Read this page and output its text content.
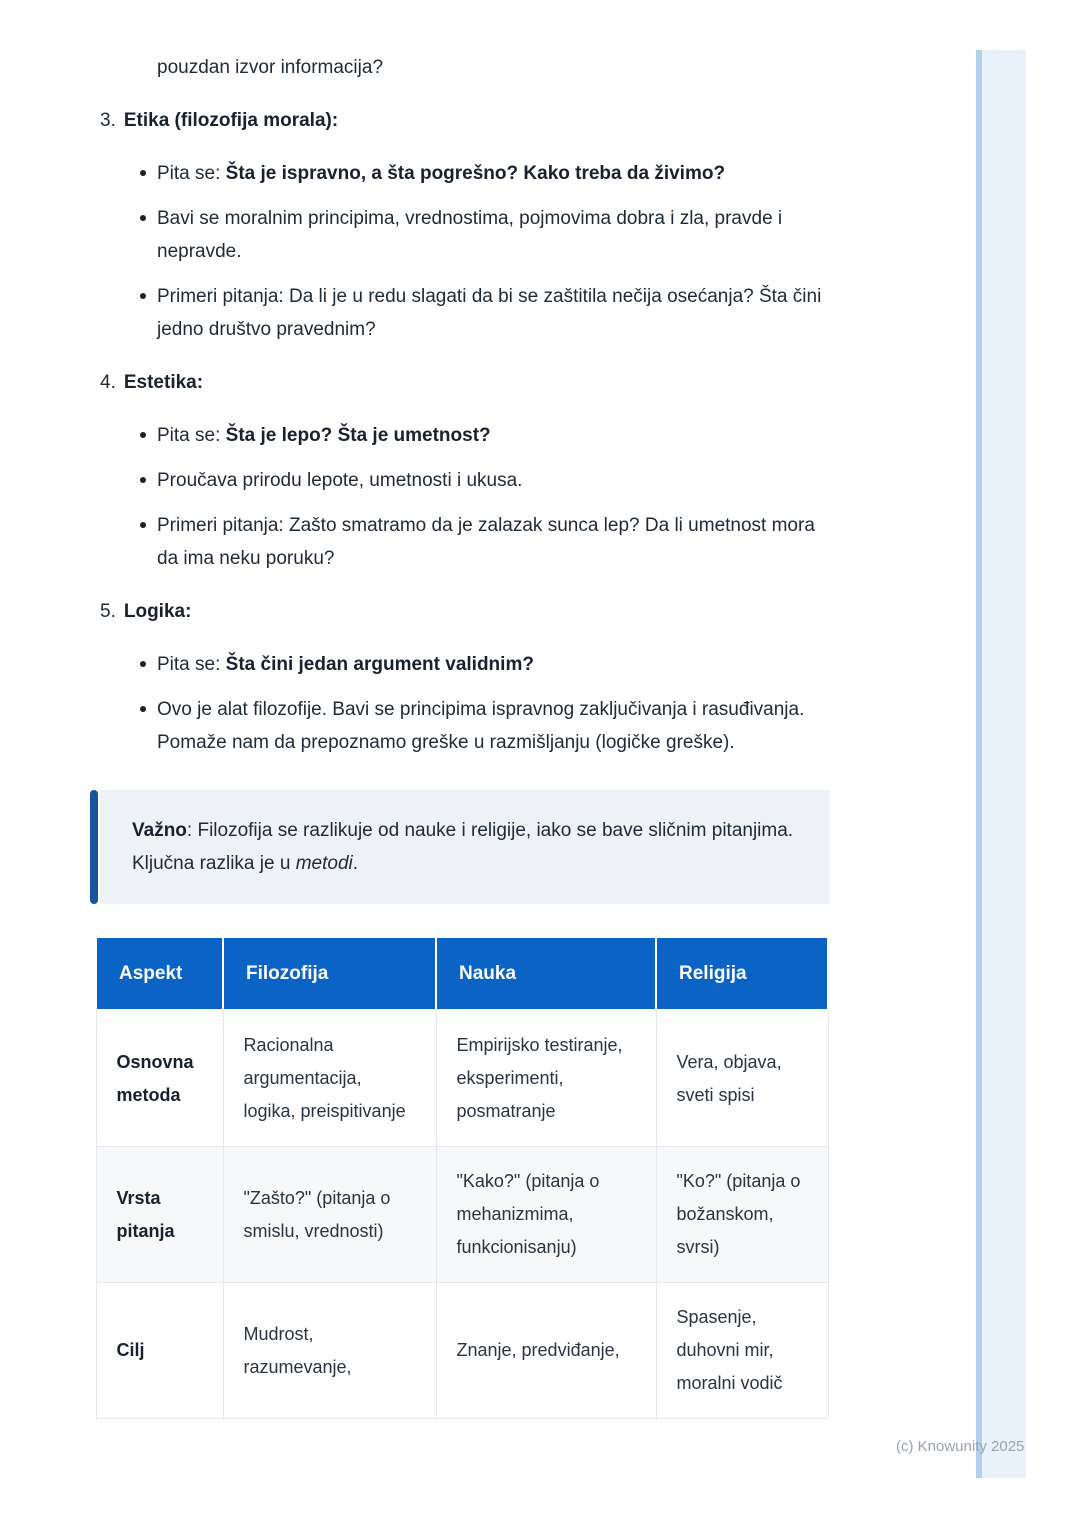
pouzdan izvor informacija?

3. Etika (filozofija morala):
Pita se: Šta je ispravno, a šta pogrešno? Kako treba da živimo?
Bavi se moralnim principima, vrednostima, pojmovima dobra i zla, pravde i nepravde.
Primeri pitanja: Da li je u redu slagati da bi se zaštitila nečija osećanja? Šta čini jedno društvo pravednim?
4. Estetika:
Pita se: Šta je lepo? Šta je umetnost?
Proučava prirodu lepote, umetnosti i ukusa.
Primeri pitanja: Zašto smatramo da je zalazak sunca lep? Da li umetnost mora da ima neku poruku?
5. Logika:
Pita se: Šta čini jedan argument validnim?
Ovo je alat filozofije. Bavi se principima ispravnog zaključivanja i rasuđivanja. Pomaže nam da prepoznamo greške u razmišljanju (logičke greške).
Važno: Filozofija se razlikuje od nauke i religije, iako se bave sličnim pitanjima. Ključna razlika je u metodi.
Aspekt	Filozofija	Nauka	Religija
Osnovna metoda	Racionalna argumentacija, logika, preispitivanje	Empirijsko testiranje, eksperimenti, posmatranje	Vera, objava, sveti spisi
Vrsta pitanja	"Zašto?" (pitanja o smislu, vrednosti)	"Kako?" (pitanja o mehanizmima, funkcionisanju)	"Ko?" (pitanja o božanskom, svrsi)
Cilj	Mudrost, razumevanje,	Znanje, predviđanje,	Spasenje, duhovni mir, moralni vodič
(c) Knowunity 2025
